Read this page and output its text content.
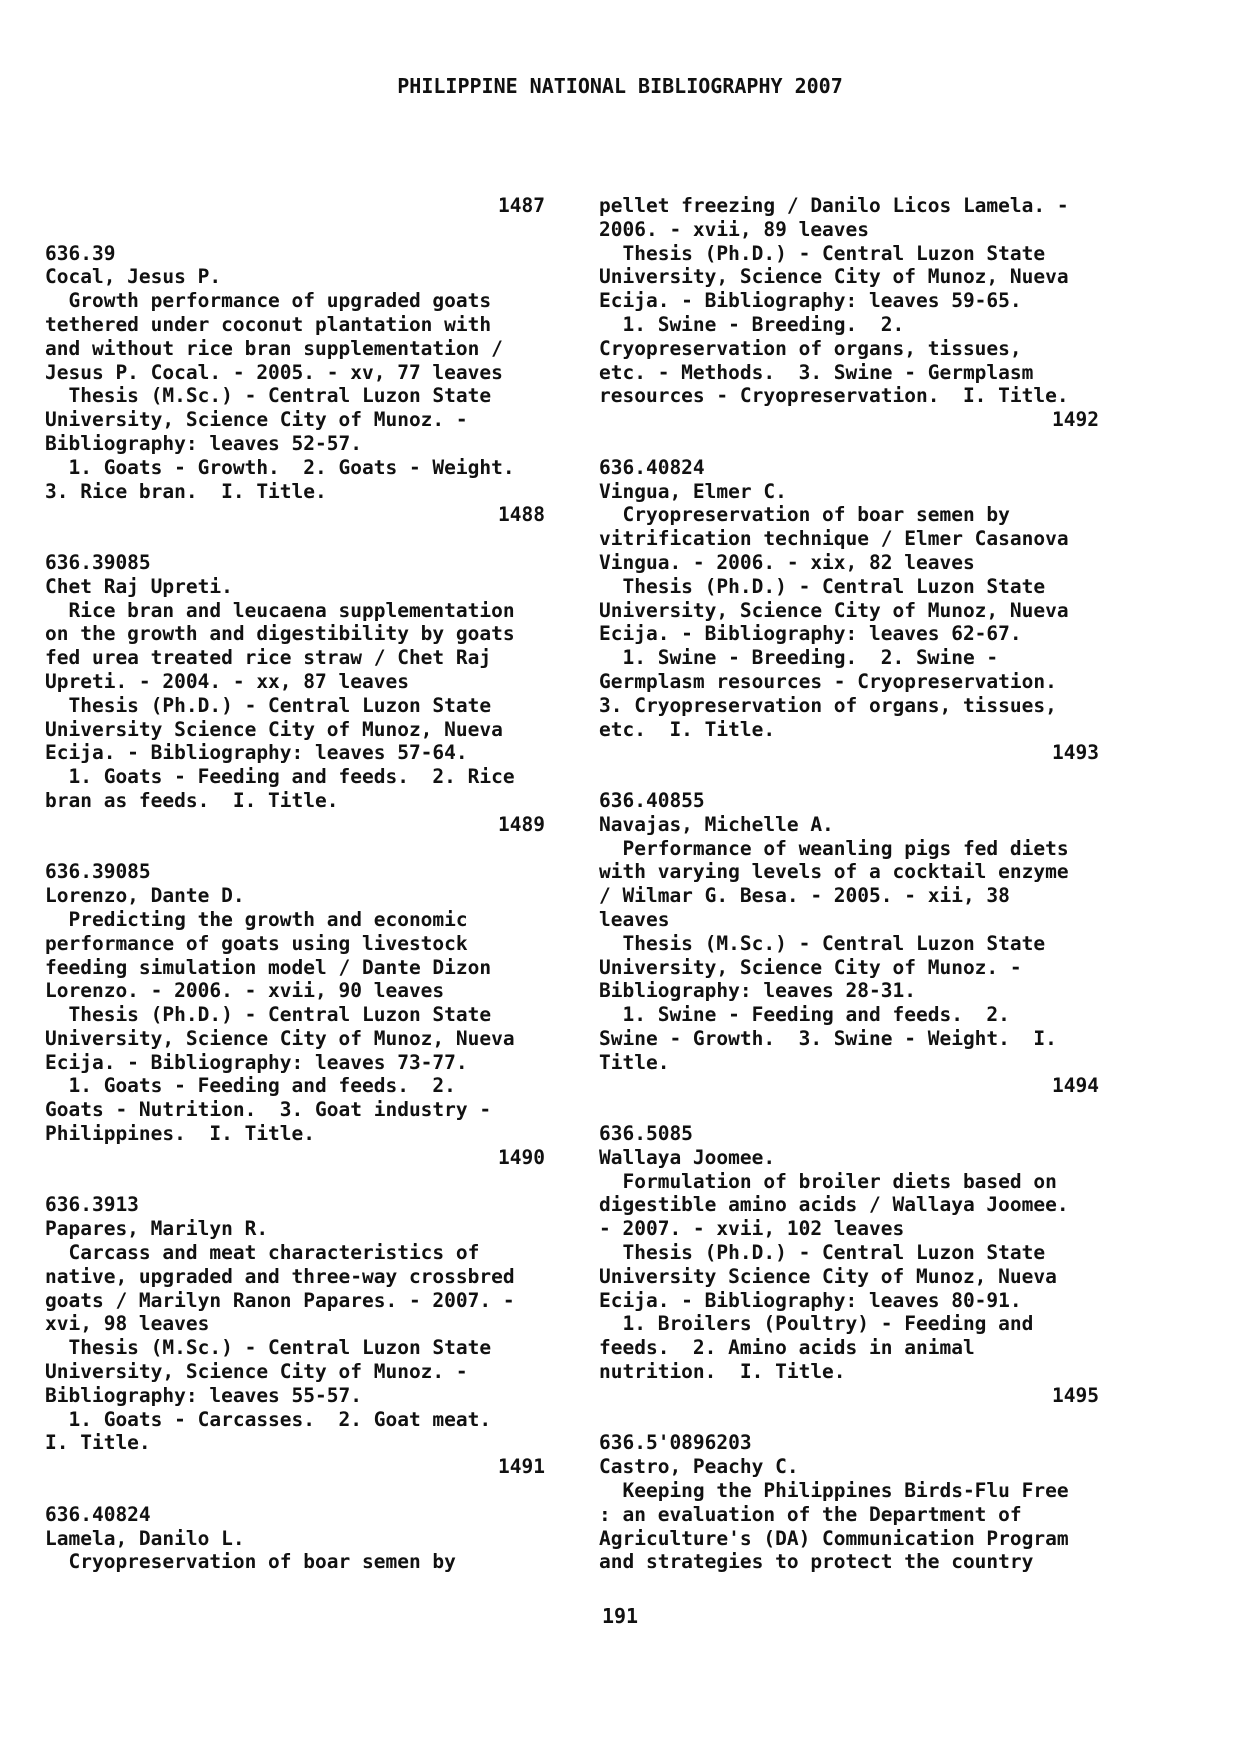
PHILIPPINE NATIONAL BIBLIOGRAPHY 2007
1487

636.39
Cocal, Jesus P.
Growth performance of upgraded goats
tethered under coconut plantation with
and without rice bran supplementation /
Jesus P. Cocal. - 2005. - xv, 77 leaves
Thesis (M.Sc.) - Central Luzon State
University, Science City of Munoz. -
Bibliography: leaves 52-57.
1. Goats - Growth.  2. Goats - Weight.
3. Rice bran.  I. Title.
1488

636.39085
Chet Raj Upreti.
Rice bran and leucaena supplementation
on the growth and digestibility by goats
fed urea treated rice straw / Chet Raj
Upreti. - 2004. - xx, 87 leaves
Thesis (Ph.D.) - Central Luzon State
University Science City of Munoz, Nueva
Ecija. - Bibliography: leaves 57-64.
1. Goats - Feeding and feeds.  2. Rice
bran as feeds.  I. Title.
1489

636.39085
Lorenzo, Dante D.
Predicting the growth and economic
performance of goats using livestock
feeding simulation model / Dante Dizon
Lorenzo. - 2006. - xvii, 90 leaves
Thesis (Ph.D.) - Central Luzon State
University, Science City of Munoz, Nueva
Ecija. - Bibliography: leaves 73-77.
1. Goats - Feeding and feeds.  2.
Goats - Nutrition.  3. Goat industry -
Philippines.  I. Title.
1490

636.3913
Papares, Marilyn R.
Carcass and meat characteristics of
native, upgraded and three-way crossbred
goats / Marilyn Ranon Papares. - 2007. -
xvi, 98 leaves
Thesis (M.Sc.) - Central Luzon State
University, Science City of Munoz. -
Bibliography: leaves 55-57.
1. Goats - Carcasses.  2. Goat meat.
I. Title.
1491

636.40824
Lamela, Danilo L.
Cryopreservation of boar semen by
pellet freezing / Danilo Licos Lamela. -
2006. - xvii, 89 leaves
Thesis (Ph.D.) - Central Luzon State
University, Science City of Munoz, Nueva
Ecija. - Bibliography: leaves 59-65.
1. Swine - Breeding.  2.
Cryopreservation of organs, tissues,
etc. - Methods.  3. Swine - Germplasm
resources - Cryopreservation.  I. Title.
1492

636.40824
Vingua, Elmer C.
Cryopreservation of boar semen by
vitrification technique / Elmer Casanova
Vingua. - 2006. - xix, 82 leaves
Thesis (Ph.D.) - Central Luzon State
University, Science City of Munoz, Nueva
Ecija. - Bibliography: leaves 62-67.
1. Swine - Breeding.  2. Swine -
Germplasm resources - Cryopreservation.
3. Cryopreservation of organs, tissues,
etc.  I. Title.
1493

636.40855
Navajas, Michelle A.
Performance of weanling pigs fed diets
with varying levels of a cocktail enzyme
/ Wilmar G. Besa. - 2005. - xii, 38
leaves
Thesis (M.Sc.) - Central Luzon State
University, Science City of Munoz. -
Bibliography: leaves 28-31.
1. Swine - Feeding and feeds.  2.
Swine - Growth.  3. Swine - Weight.  I.
Title.
1494

636.5085
Wallaya Joomee.
Formulation of broiler diets based on
digestible amino acids / Wallaya Joomee.
- 2007. - xvii, 102 leaves
Thesis (Ph.D.) - Central Luzon State
University Science City of Munoz, Nueva
Ecija. - Bibliography: leaves 80-91.
1. Broilers (Poultry) - Feeding and
feeds.  2. Amino acids in animal
nutrition.  I. Title.
1495

636.5'0896203
Castro, Peachy C.
Keeping the Philippines Birds-Flu Free
: an evaluation of the Department of
Agriculture's (DA) Communication Program
and strategies to protect the country
191
